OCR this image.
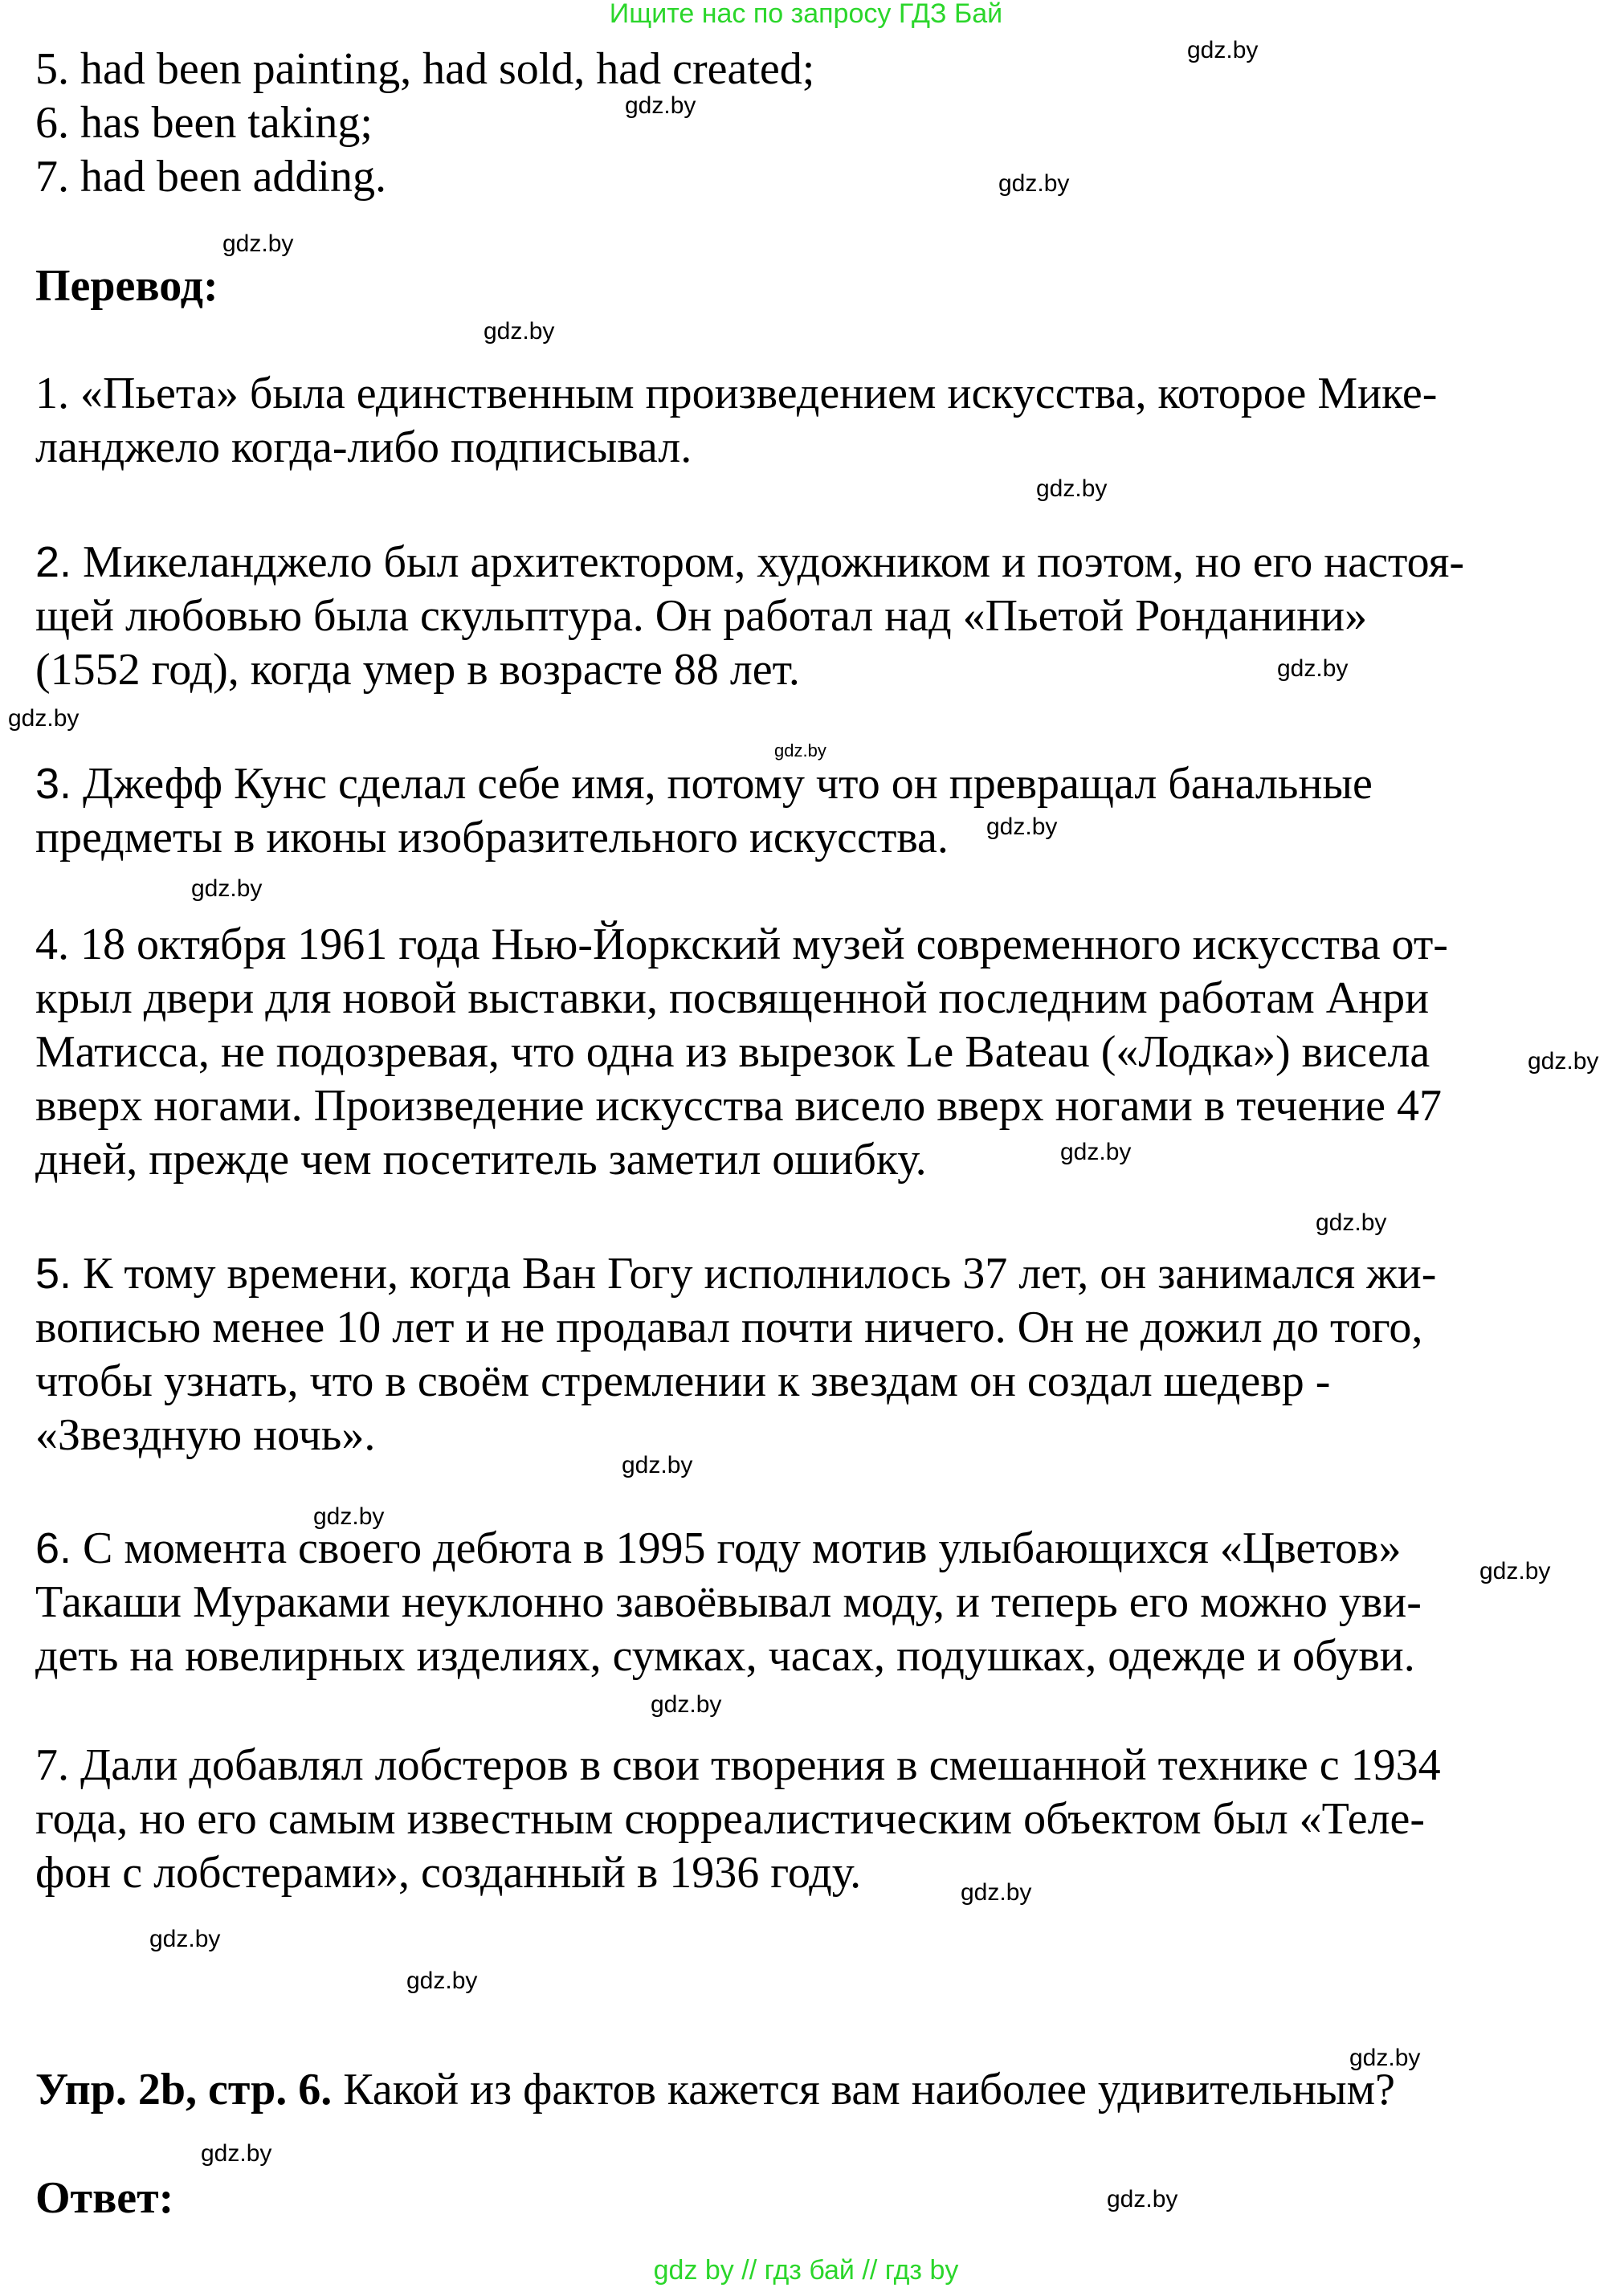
Ищите нас по запросу ГДЗ Бай
5. had been painting, had sold, had created;
6. has been taking;
7. had been adding.
Перевод:
1. «Пьета» была единственным произведением искусства, которое Мике-
ланджело когда-либо подписывал.
2. Микеланджело был архитектором, художником и поэтом, но его настоя-
щей любовью была скульптура. Он работал над «Пьетой Ронданини»
(1552 год), когда умер в возрасте 88 лет.
3. Джефф Кунс сделал себе имя, потому что он превращал банальные
предметы в иконы изобразительного искусства.
4. 18 октября 1961 года Нью-Йоркский музей современного искусства от-
крыл двери для новой выставки, посвященной последним работам Анри
Матисса, не подозревая, что одна из вырезок Le Bateau («Лодка») висела
вверх ногами. Произведение искусства висело вверх ногами в течение 47
дней, прежде чем посетитель заметил ошибку.
5. К тому времени, когда Ван Гогу исполнилось 37 лет, он занимался жи-
вописью менее 10 лет и не продавал почти ничего. Он не дожил до того,
чтобы узнать, что в своём стремлении к звездам он создал шедевр -
«Звездную ночь».
6. С момента своего дебюта в 1995 году мотив улыбающихся «Цветов»
Такаши Мураками неуклонно завоёвывал моду, и теперь его можно уви-
деть на ювелирных изделиях, сумках, часах, подушках, одежде и обуви.
7. Дали добавлял лобстеров в свои творения в смешанной технике с 1934
года, но его самым известным сюрреалистическим объектом был «Теле-
фон с лобстерами», созданный в 1936 году.
Упр. 2b, стр. 6. Какой из фактов кажется вам наиболее удивительным?
Ответ:
gdz.by
gdz.by
gdz.by
gdz.by
gdz.by
gdz.by
gdz.by
gdz.by
gdz.by
gdz.by
gdz.by
gdz.by
gdz.by
gdz.by
gdz.by
gdz.by
gdz.by
gdz.by
gdz.by
gdz.by
gdz.by
gdz.by
gdz.by
gdz.by
gdz by // гдз бай // гдз by
